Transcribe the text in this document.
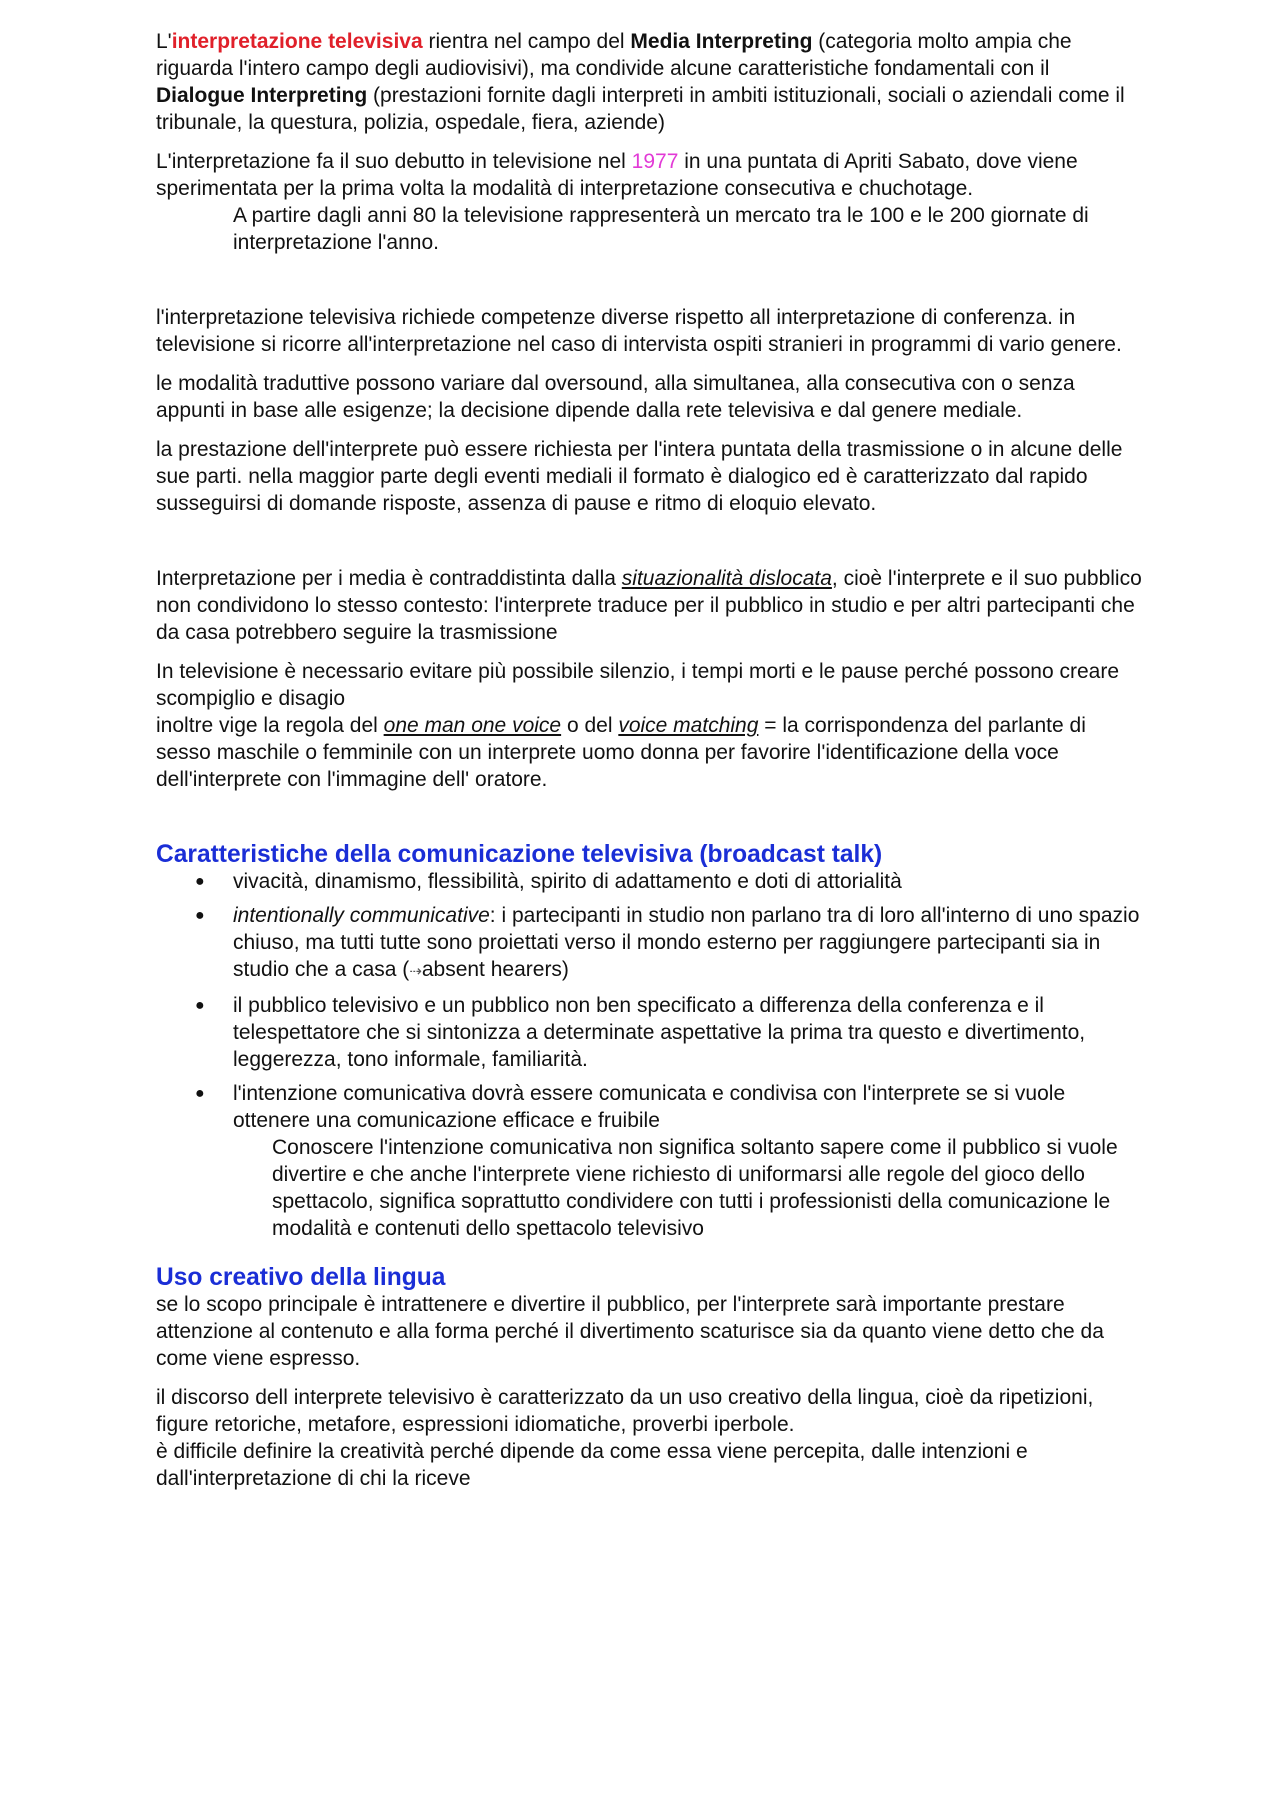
L'interpretazione televisiva rientra nel campo del Media Interpreting (categoria molto ampia che riguarda l'intero campo degli audiovisivi), ma condivide alcune caratteristiche fondamentali con il Dialogue Interpreting (prestazioni fornite dagli interpreti in ambiti istituzionali, sociali o aziendali come il tribunale, la questura, polizia, ospedale, fiera, aziende)

L'interpretazione fa il suo debutto in televisione nel 1977 in una puntata di Apriti Sabato, dove viene sperimentata per la prima volta la modalità di interpretazione consecutiva e chuchotage.

A partire dagli anni 80 la televisione rappresenterà un mercato tra le 100 e le 200 giornate di interpretazione l'anno.

l'interpretazione televisiva richiede competenze diverse rispetto all interpretazione di conferenza. in televisione si ricorre all'interpretazione nel caso di intervista ospiti stranieri in programmi di vario genere.

le modalità traduttive possono variare dal oversound, alla simultanea, alla consecutiva con o senza appunti in base alle esigenze; la decisione dipende dalla rete televisiva e dal genere mediale.

la prestazione dell'interprete può essere richiesta per l'intera puntata della trasmissione o in alcune delle sue parti. nella maggior parte degli eventi mediali il formato è dialogico ed è caratterizzato dal rapido susseguirsi di domande risposte, assenza di pause e ritmo di eloquio elevato.

Interpretazione per i media è contraddistinta dalla situazionalità dislocata, cioè l'interprete e il suo pubblico non condividono lo stesso contesto: l'interprete traduce per il pubblico in studio e per altri partecipanti che da casa potrebbero seguire la trasmissione

In televisione è necessario evitare più possibile silenzio, i tempi morti e le pause perché possono creare scompiglio e disagio
inoltre vige la regola del one man one voice o del voice matching = la corrispondenza del parlante di sesso maschile o femminile con un interprete uomo donna per favorire l'identificazione della voce dell'interprete con l'immagine dell' oratore.

Caratteristiche della comunicazione televisiva (broadcast talk)
● vivacità, dinamismo, flessibilità, spirito di adattamento e doti di attorialità
● intentionally communicative: i partecipanti in studio non parlano tra di loro all'interno di uno spazio chiuso, ma tutti tutte sono proiettati verso il mondo esterno per raggiungere partecipanti sia in studio che a casa (⇢absent hearers)
● il pubblico televisivo e un pubblico non ben specificato a differenza della conferenza e il telespettatore che si sintonizza a determinate aspettative la prima tra questo e divertimento, leggerezza, tono informale, familiarità.
● l'intenzione comunicativa dovrà essere comunicata e condivisa con l'interprete se si vuole ottenere una comunicazione efficace e fruibile
Conoscere l'intenzione comunicativa non significa soltanto sapere come il pubblico si vuole divertire e che anche l'interprete viene richiesto di uniformarsi alle regole del gioco dello spettacolo, significa soprattutto condividere con tutti i professionisti della comunicazione le modalità e contenuti dello spettacolo televisivo
Uso creativo della lingua

se lo scopo principale è intrattenere e divertire il pubblico, per l'interprete sarà importante prestare attenzione al contenuto e alla forma perché il divertimento scaturisce sia da quanto viene detto che da come viene espresso.

il discorso dell interprete televisivo è caratterizzato da un uso creativo della lingua, cioè da ripetizioni, figure retoriche, metafore, espressioni idiomatiche, proverbi iperbole.
è difficile definire la creatività perché dipende da come essa viene percepita, dalle intenzioni e dall'interpretazione di chi la riceve
